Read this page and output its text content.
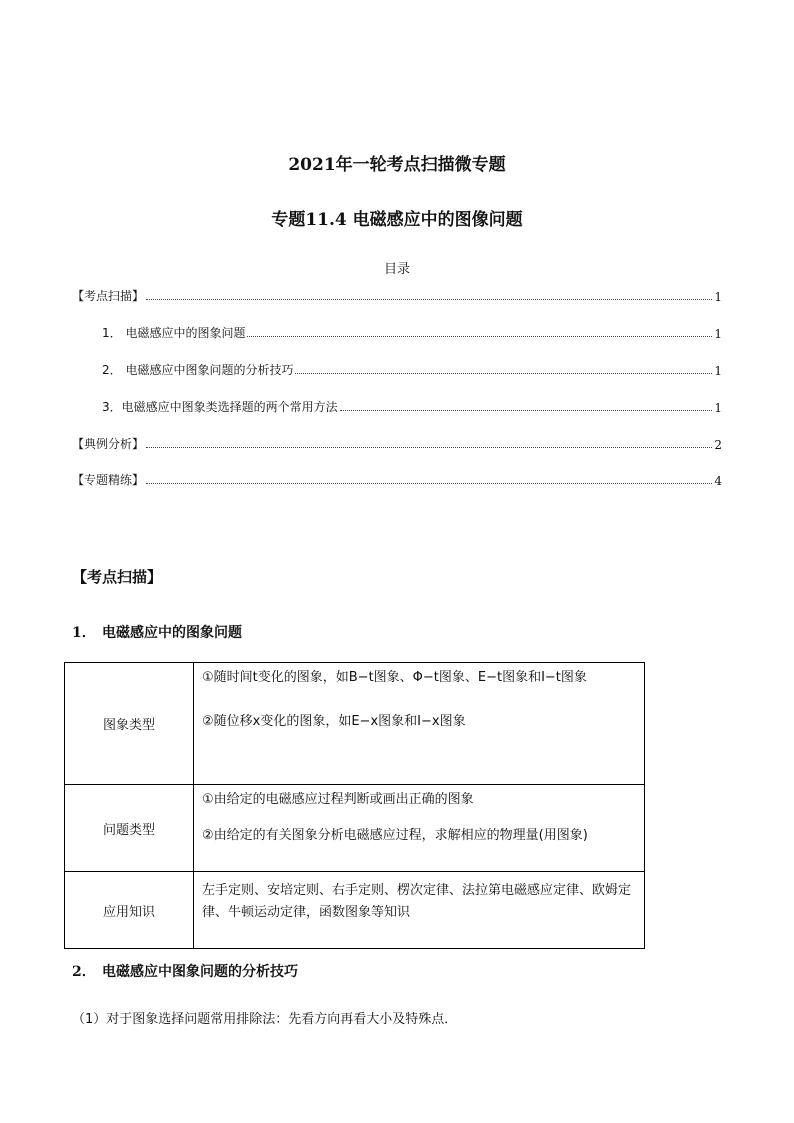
2021年一轮考点扫描微专题
专题11.4 电磁感应中的图像问题
目录
【考点扫描】	1
1． 电磁感应中的图象问题	1
2． 电磁感应中图象问题的分析技巧	1
3．电磁感应中图象类选择题的两个常用方法	1
【典例分析】	2
【专题精练】	4
【考点扫描】
1． 电磁感应中的图象问题
图象类型	①随时间t变化的图象，如B−t图象、Φ−t图象、E−t图象和I−t图象

②随位移x变化的图象，如E−x图象和I−x图象

问题类型	①由给定的电磁感应过程判断或画出正确的图象

②由给定的有关图象分析电磁感应过程，求解相应的物理量(用图象)

应用知识	左手定则、安培定则、右手定则、楞次定律、法拉第电磁感应定律、欧姆定律、牛顿运动定律，函数图象等知识

2． 电磁感应中图象问题的分析技巧
（1）对于图象选择问题常用排除法：先看方向再看大小及特殊点．
